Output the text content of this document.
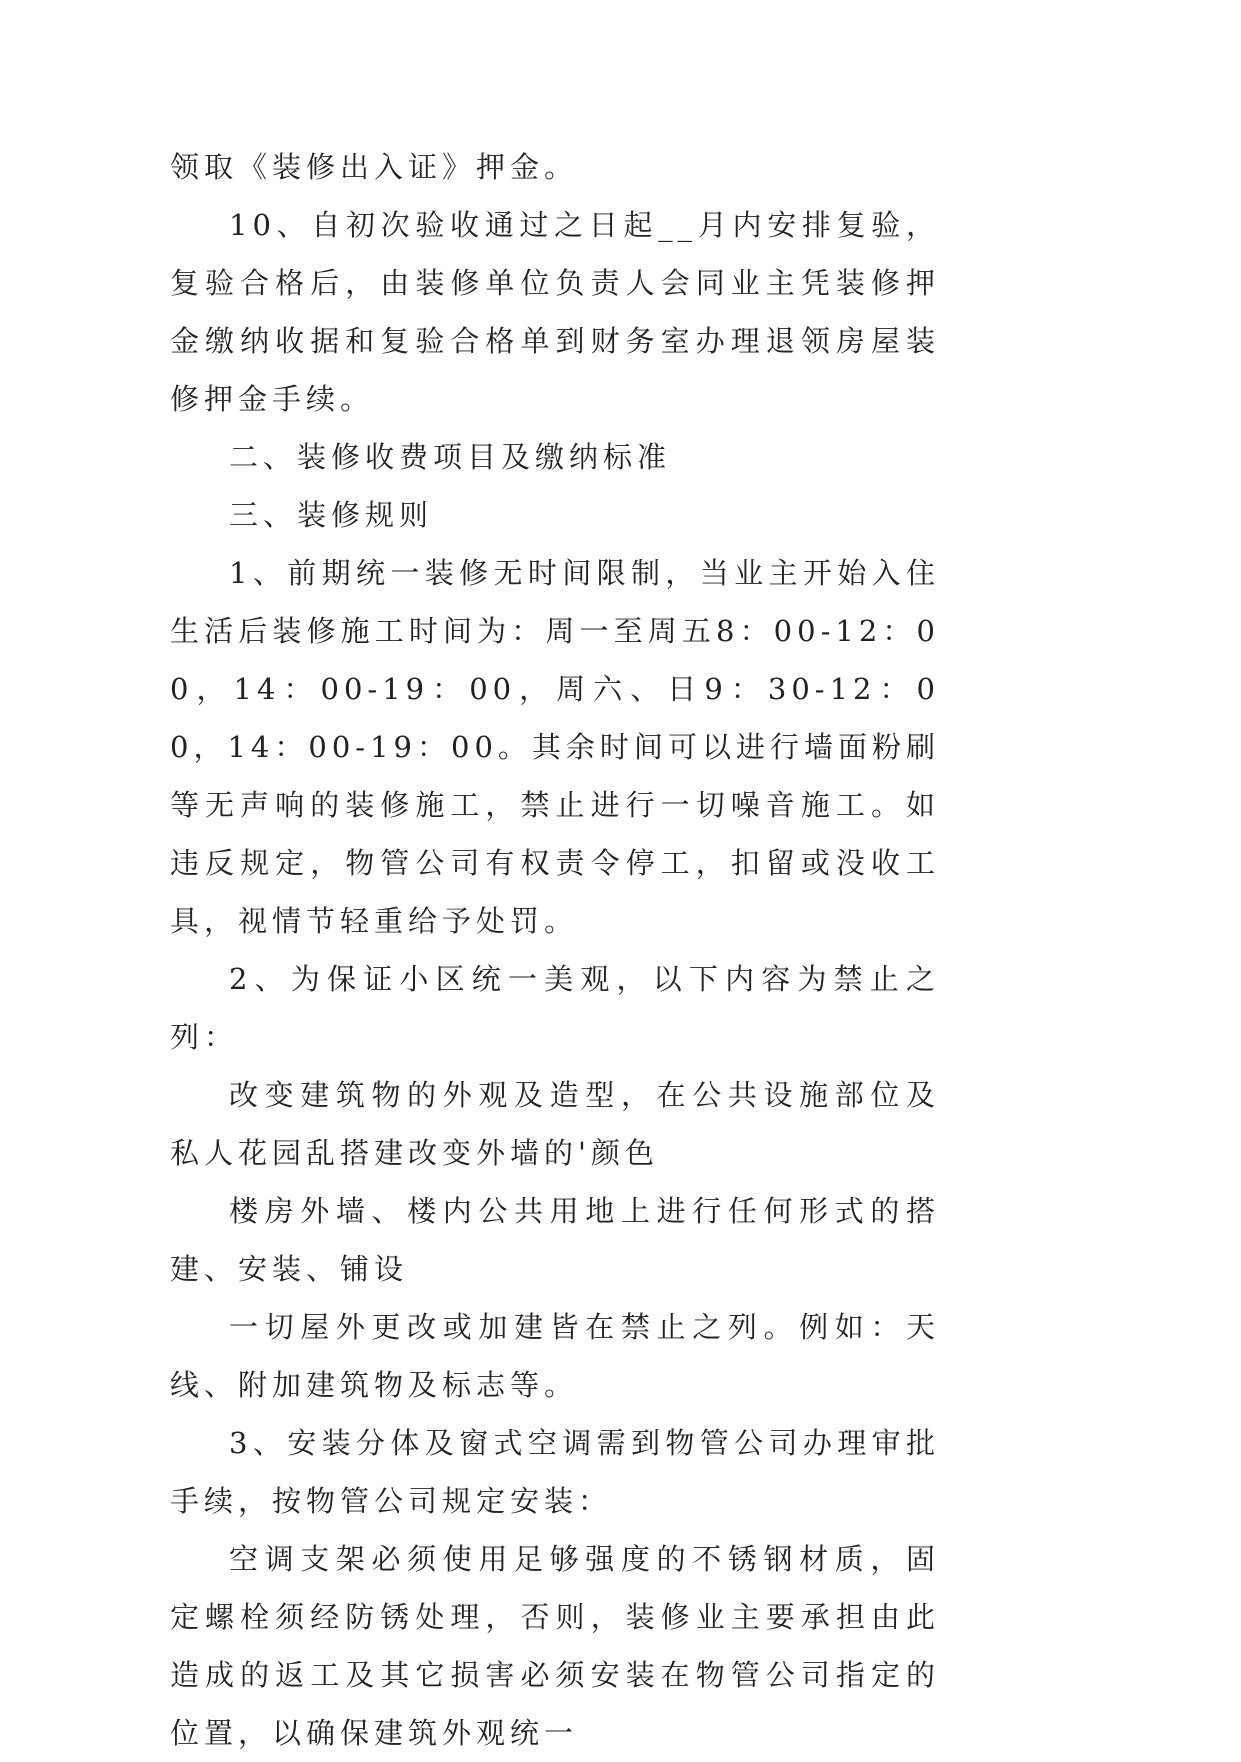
领取《装修出入证》押金。

10、自初次验收通过之日起__月内安排复验，复验合格后，由装修单位负责人会同业主凭装修押金缴纳收据和复验合格单到财务室办理退领房屋装修押金手续。

二、装修收费项目及缴纳标准

三、装修规则

1、前期统一装修无时间限制，当业主开始入住生活后装修施工时间为：周一至周五8：00-12：00，14：00-19：00，周六、日9：30-12：00，14：00-19：00。其余时间可以进行墙面粉刷等无声响的装修施工，禁止进行一切噪音施工。如违反规定，物管公司有权责令停工，扣留或没收工具，视情节轻重给予处罚。

2、为保证小区统一美观，以下内容为禁止之列：

改变建筑物的外观及造型，在公共设施部位及私人花园乱搭建改变外墙的'颜色

楼房外墙、楼内公共用地上进行任何形式的搭建、安装、铺设

一切屋外更改或加建皆在禁止之列。例如：天线、附加建筑物及标志等。

3、安装分体及窗式空调需到物管公司办理审批手续，按物管公司规定安装：

空调支架必须使用足够强度的不锈钢材质，固定螺栓须经防锈处理，否则，装修业主要承担由此造成的返工及其它损害必须安装在物管公司指定的位置，以确保建筑外观统一
